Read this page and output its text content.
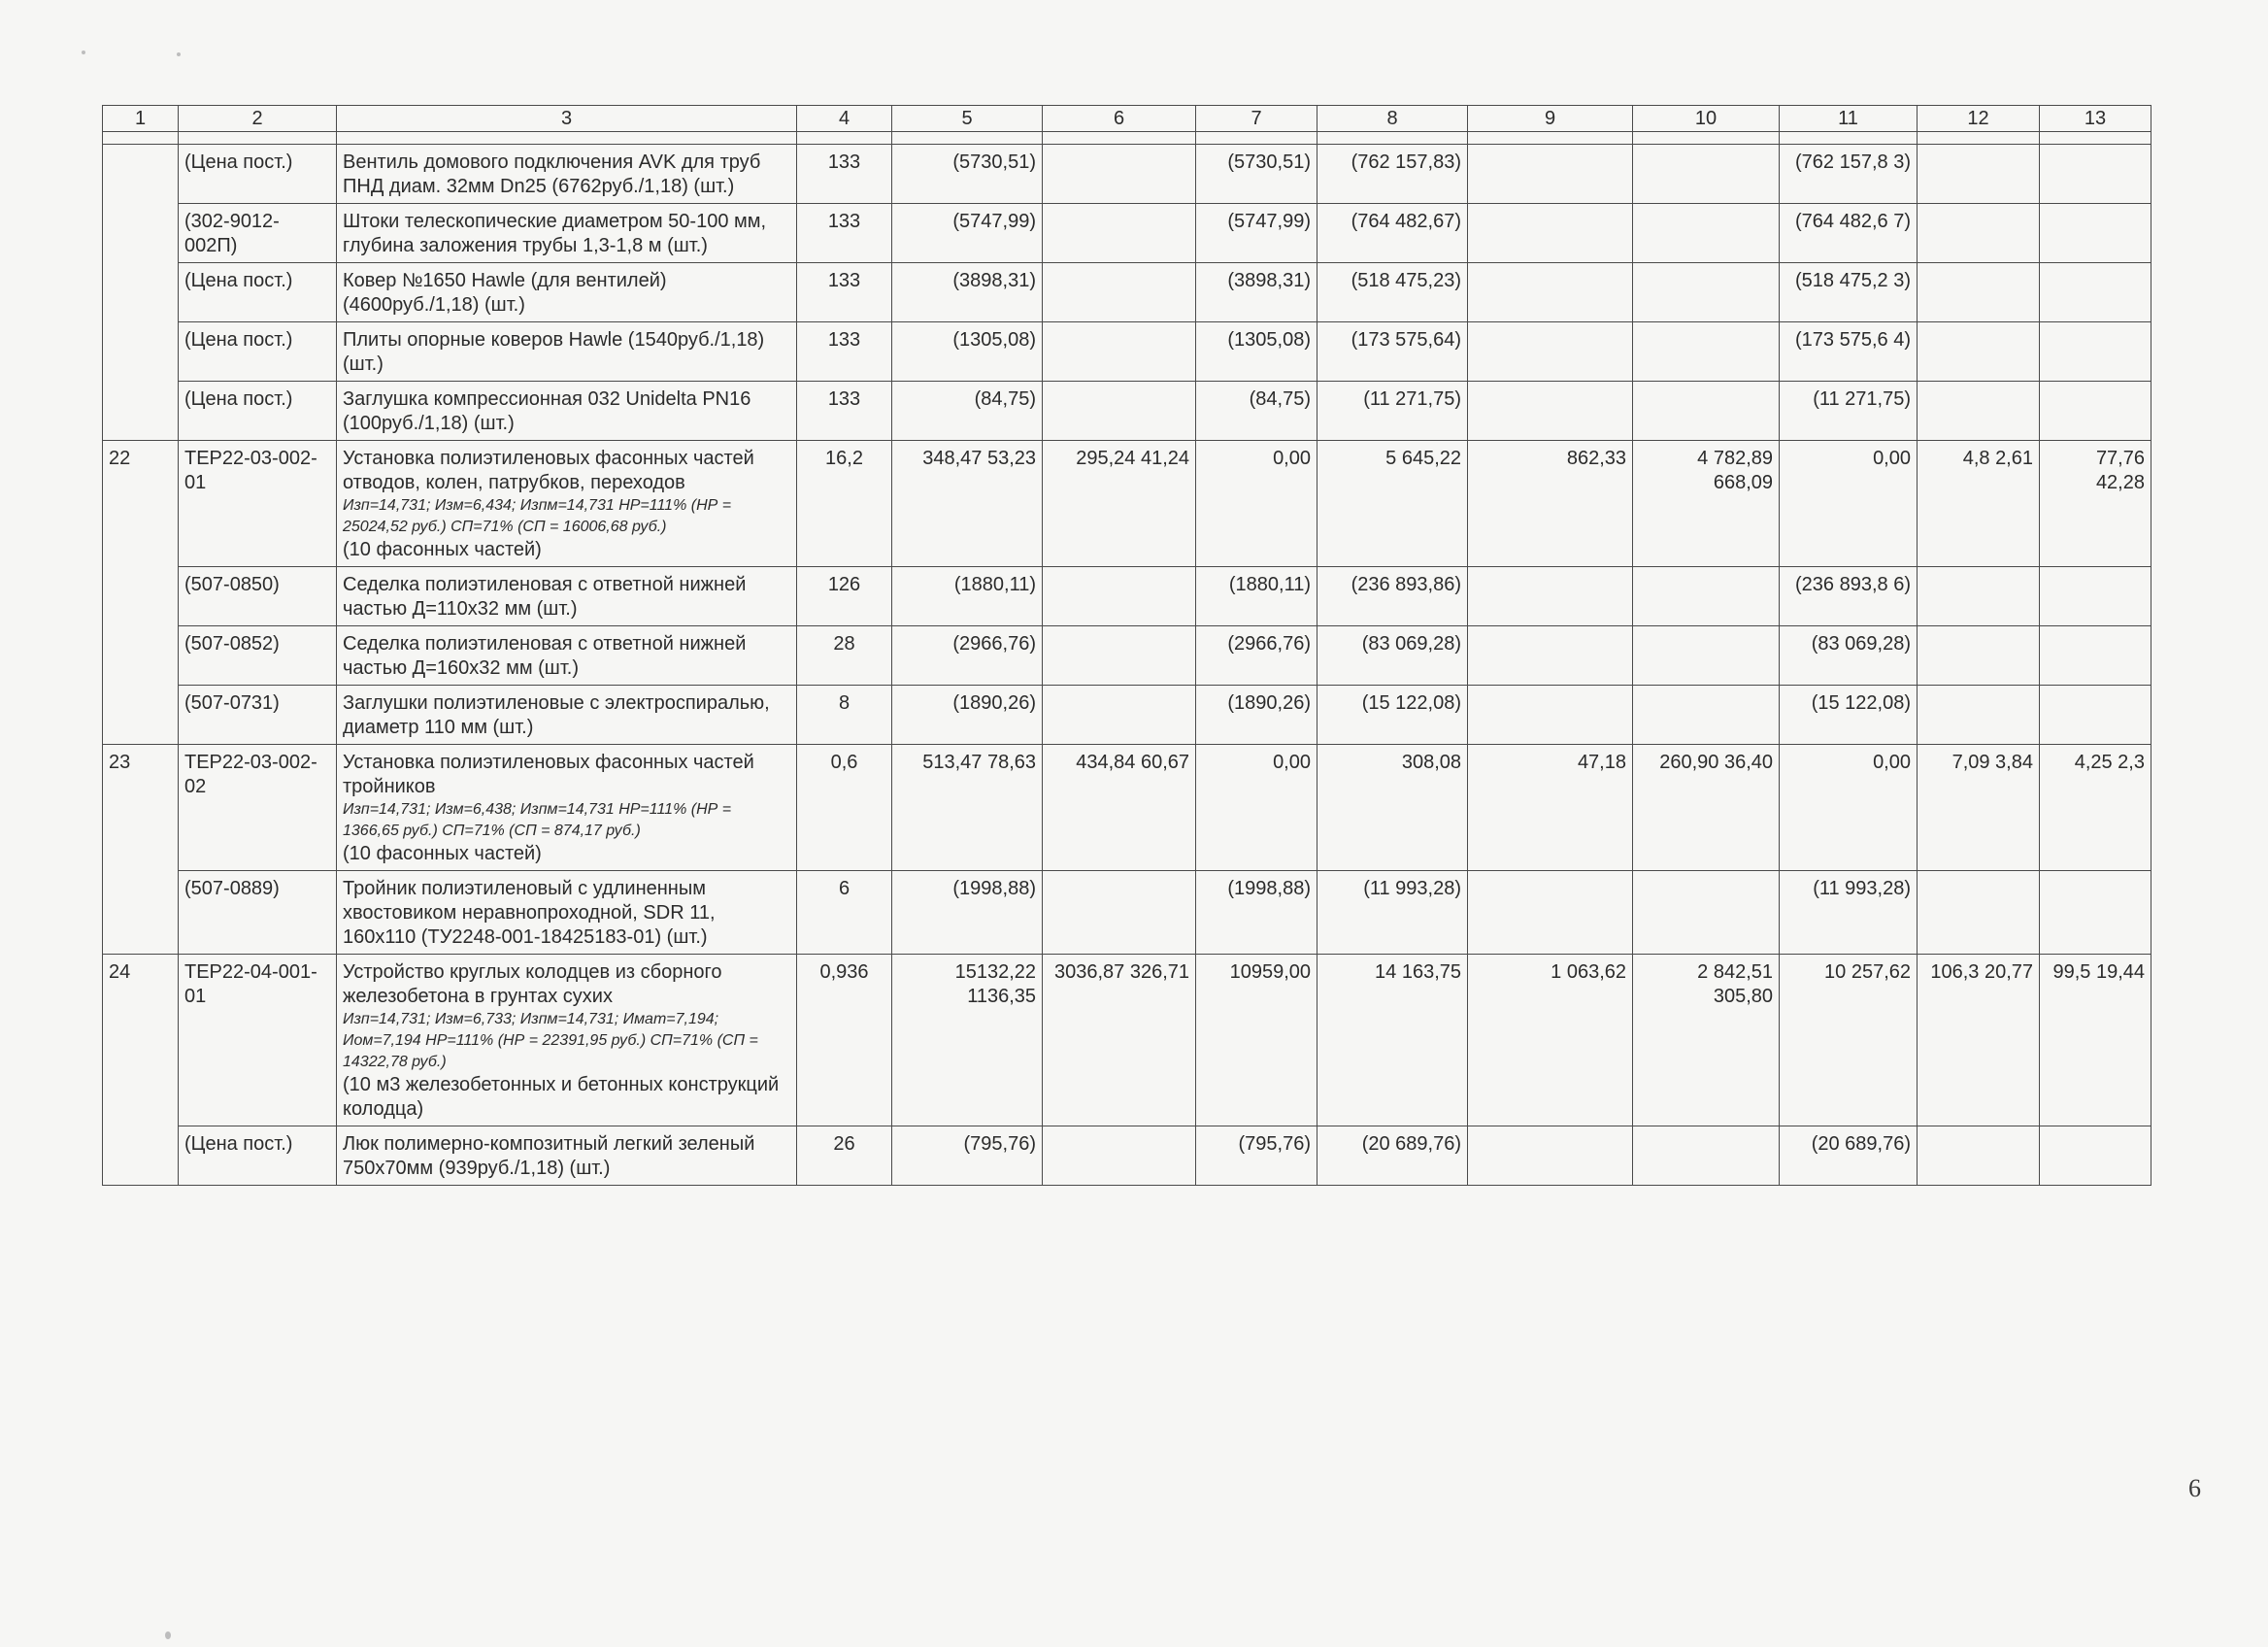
1	2	3	4	5	6	7	8	9	10	11	12	13

	(Цена пост.)	Вентиль домового подключения AVK для труб ПНД диам. 32мм Dn25 (6762руб./1,18) (шт.)	133	(5730,51)		(5730,51)	(762 157,83)			(762 157,8 3)		
	(302-9012-002П)	Штоки телескопические диаметром 50-100 мм, глубина заложения трубы 1,3-1,8 м (шт.)	133	(5747,99)		(5747,99)	(764 482,67)			(764 482,6 7)		
	(Цена пост.)	Ковер №1650 Hawle (для вентилей) (4600руб./1,18) (шт.)	133	(3898,31)		(3898,31)	(518 475,23)			(518 475,2 3)		
	(Цена пост.)	Плиты опорные коверов Hawle (1540руб./1,18) (шт.)	133	(1305,08)		(1305,08)	(173 575,64)			(173 575,6 4)		
	(Цена пост.)	Заглушка компрессионная 032 Unidelta PN16 (100руб./1,18) (шт.)	133	(84,75)		(84,75)	(11 271,75)			(11 271,75)		
22	ТЕР22-03-002-01	Установка полиэтиленовых фасонных частей отводов, колен, патрубков, переходов
Изп=14,731; Изм=6,434; Изпм=14,731 НР=111% (НР = 25024,52 руб.) СП=71% (СП = 16006,68 руб.)
(10 фасонных частей)	16,2	348,47 53,23	295,24 41,24	0,00	5 645,22	862,33	4 782,89 668,09	0,00	4,8 2,61	77,76 42,28
	(507-0850)	Седелка полиэтиленовая с ответной нижней частью Д=110х32 мм (шт.)	126	(1880,11)		(1880,11)	(236 893,86)			(236 893,8 6)		
	(507-0852)	Седелка полиэтиленовая с ответной нижней частью Д=160х32 мм (шт.)	28	(2966,76)		(2966,76)	(83 069,28)			(83 069,28)		
	(507-0731)	Заглушки полиэтиленовые с электроспиралью, диаметр 110 мм (шт.)	8	(1890,26)		(1890,26)	(15 122,08)			(15 122,08)		
23	ТЕР22-03-002-02	Установка полиэтиленовых фасонных частей тройников
Изп=14,731; Изм=6,438; Изпм=14,731 НР=111% (НР = 1366,65 руб.) СП=71% (СП = 874,17 руб.)
(10 фасонных частей)	0,6	513,47 78,63	434,84 60,67	0,00	308,08	47,18	260,90 36,40	0,00	7,09 3,84	4,25 2,3
	(507-0889)	Тройник полиэтиленовый с удлиненным хвостовиком неравнопроходной, SDR 11, 160х110 (ТУ2248-001-18425183-01) (шт.)	6	(1998,88)		(1998,88)	(11 993,28)			(11 993,28)		
24	ТЕР22-04-001-01	Устройство круглых колодцев из сборного железобетона в грунтах сухих
Изп=14,731; Изм=6,733; Изпм=14,731; Имат=7,194; Иом=7,194 НР=111% (НР = 22391,95 руб.) СП=71% (СП = 14322,78 руб.)
(10 м3 железобетонных и бетонных конструкций колодца)	0,936	15132,22 1136,35	3036,87 326,71	10959,00	14 163,75	1 063,62	2 842,51 305,80	10 257,62	106,3 20,77	99,5 19,44
	(Цена пост.)	Люк полимерно-композитный легкий зеленый 750х70мм (939руб./1,18) (шт.)	26	(795,76)		(795,76)	(20 689,76)			(20 689,76)		
6
